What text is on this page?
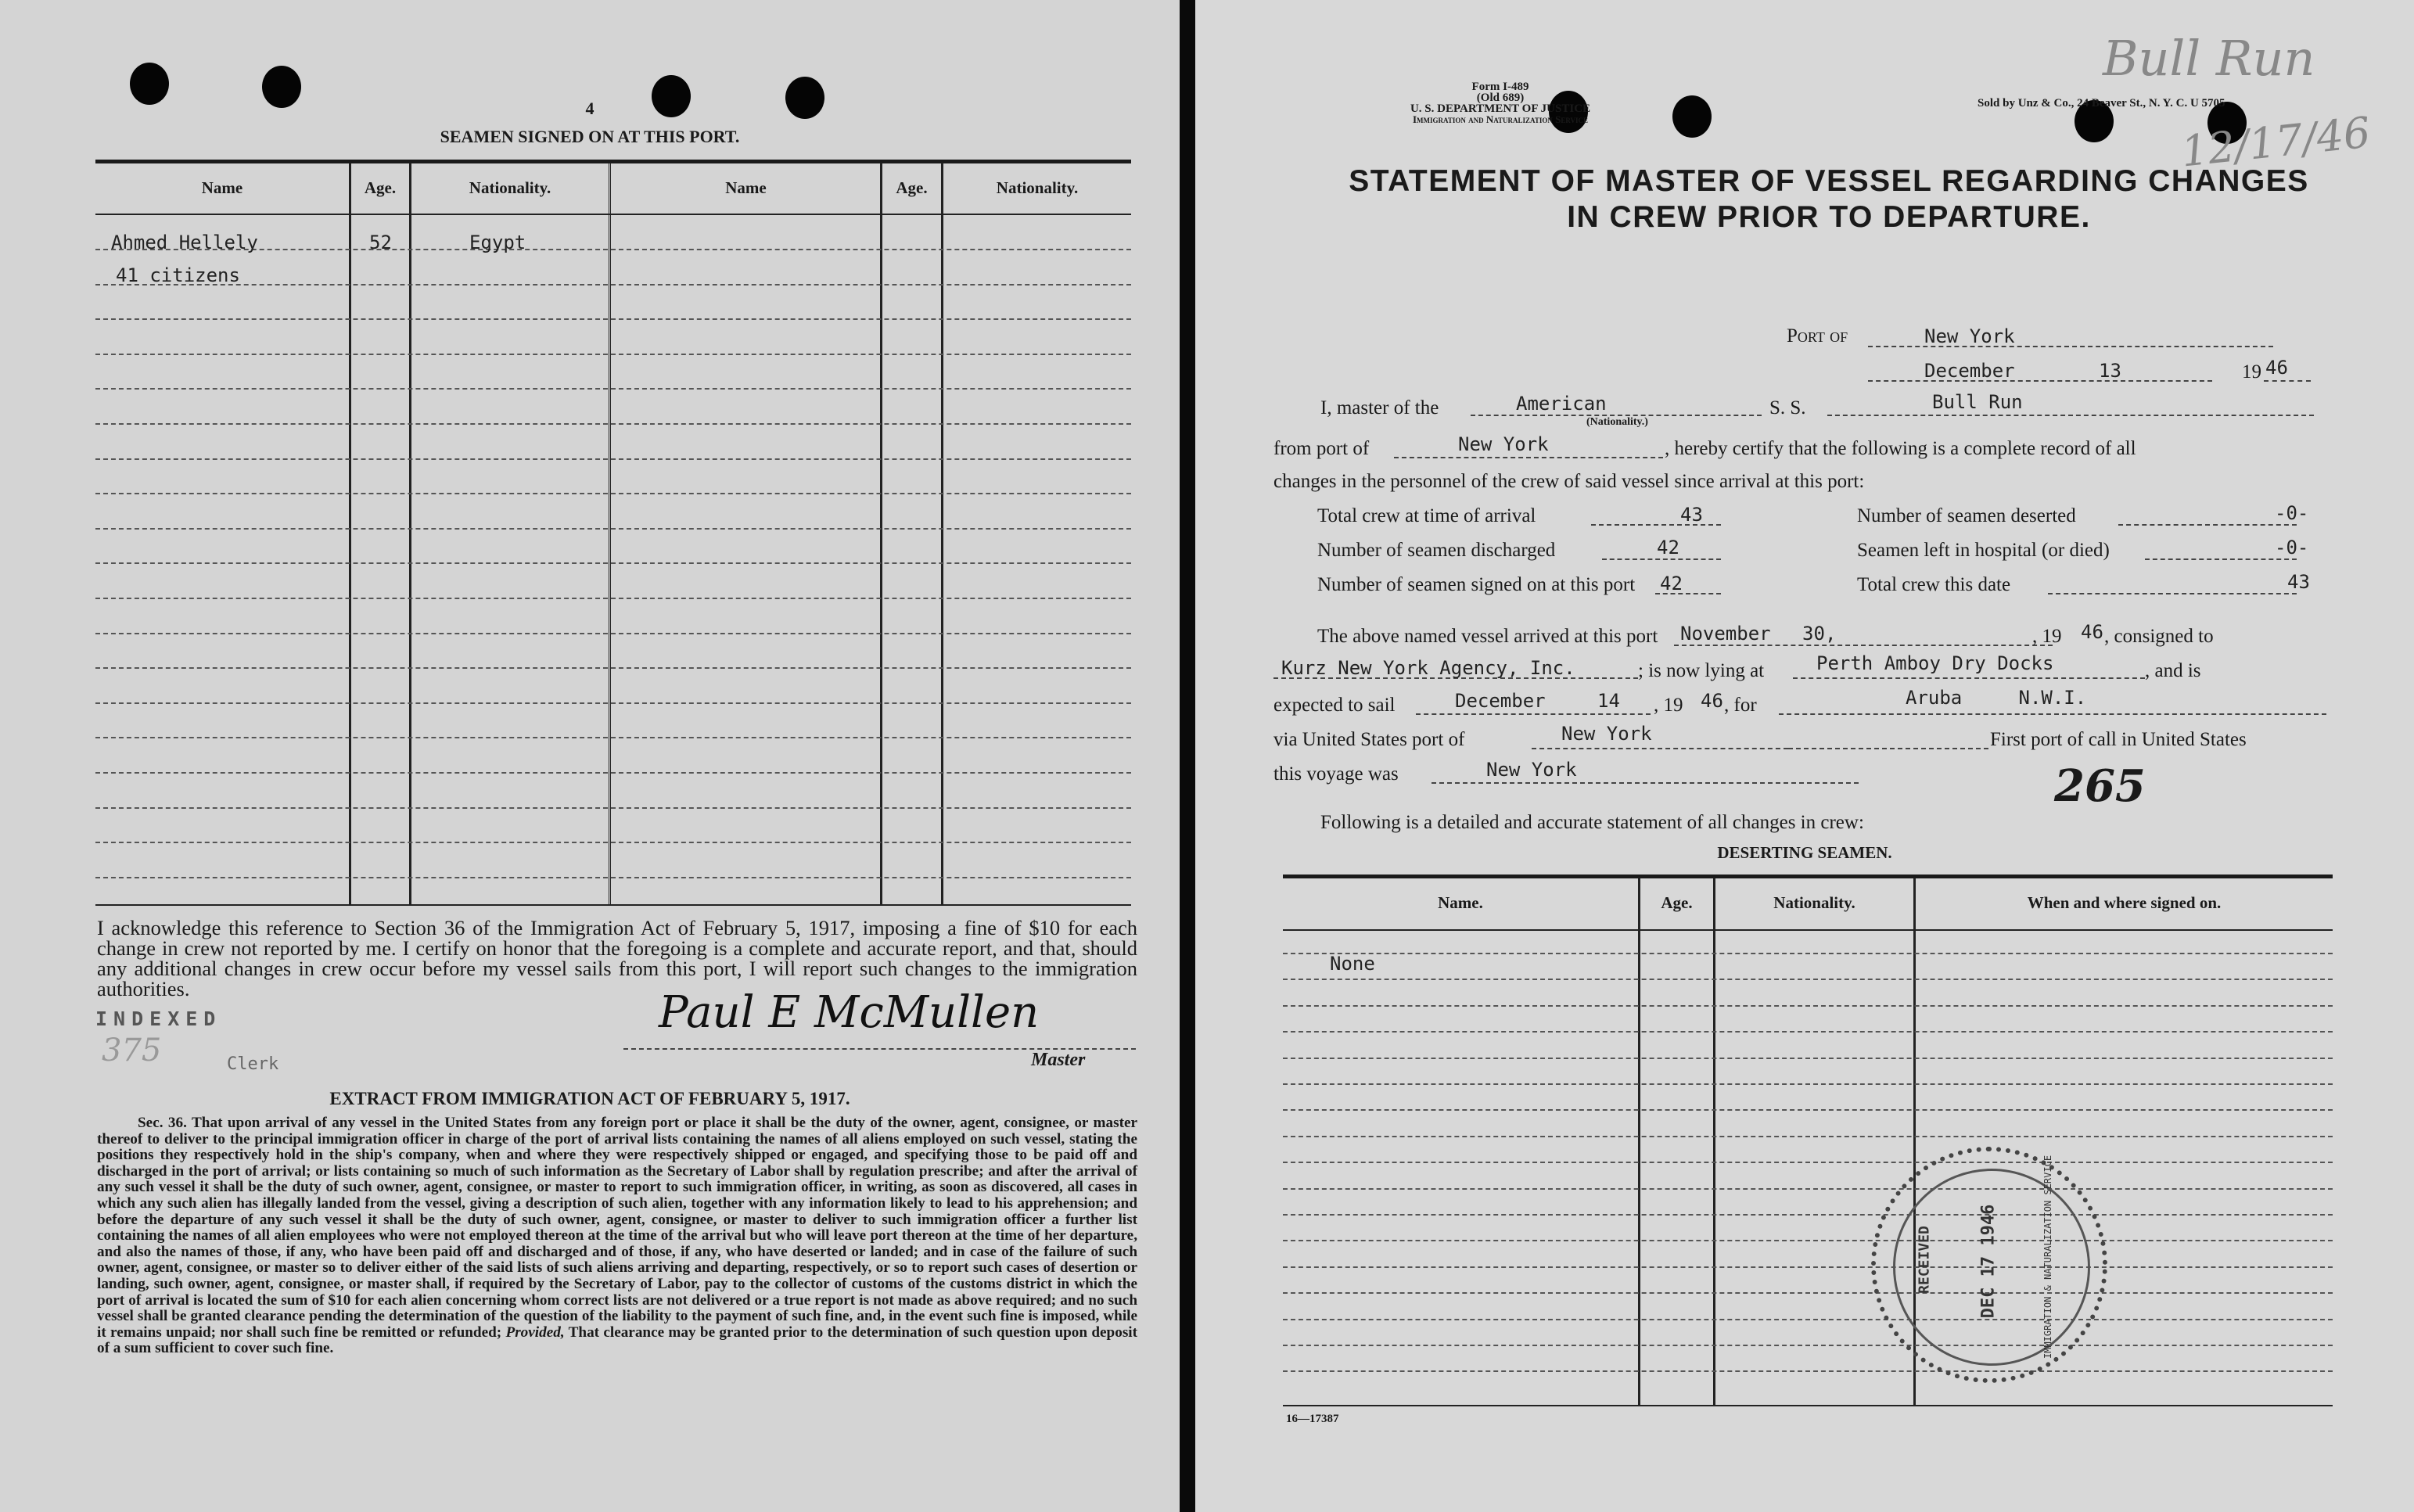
4
SEAMEN SIGNED ON AT THIS PORT.
Name	Age.	Nationality.	Name	Age.	Nationality.
Ahmed Hellely	52	Egypt
41 citizens
I acknowledge this reference to Section 36 of the Immigration Act of February 5, 1917, imposing a fine of $10 for each change in crew not reported by me. I certify on honor that the foregoing is a complete and accurate report, and that, should any additional changes in crew occur before my vessel sails from this port, I will report such changes to the immigration authorities.
INDEXED
375	Clerk
Paul E McMullen
Master
EXTRACT FROM IMMIGRATION ACT OF FEBRUARY 5, 1917.
Sec. 36. That upon arrival of any vessel in the United States from any foreign port or place it shall be the duty of the owner, agent, consignee, or master thereof to deliver to the principal immigration officer in charge of the port of arrival lists containing the names of all aliens employed on such vessel, stating the positions they respectively hold in the ship's company, when and where they were respectively shipped or engaged, and specifying those to be paid off and discharged in the port of arrival; or lists containing so much of such information as the Secretary of Labor shall by regulation prescribe; and after the arrival of any such vessel it shall be the duty of such owner, agent, consignee, or master to report to such immigration officer, in writing, as soon as discovered, all cases in which any such alien has illegally landed from the vessel, giving a description of such alien, together with any information likely to lead to his apprehension; and before the departure of any such vessel it shall be the duty of such owner, agent, consignee, or master to deliver to such immigration officer a further list containing the names of all alien employees who were not employed thereon at the time of the arrival but who will leave port thereon at the time of her departure, and also the names of those, if any, who have been paid off and discharged and of those, if any, who have deserted or landed; and in case of the failure of such owner, agent, consignee, or master so to deliver either of the said lists of such aliens arriving and departing, respectively, or so to report such cases of desertion or landing, such owner, agent, consignee, or master shall, if required by the Secretary of Labor, pay to the collector of customs of the customs district in which the port of arrival is located the sum of $10 for each alien concerning whom correct lists are not delivered or a true report is not made as above required; and no such vessel shall be granted clearance pending the determination of the question of the liability to the payment of such fine, and, in the event such fine is imposed, while it remains unpaid; nor shall such fine be remitted or refunded; Provided, That clearance may be granted prior to the determination of such question upon deposit of a sum sufficient to cover such fine.
Form I-489
(Old 689)
U. S. DEPARTMENT OF JUSTICE
Immigration and Naturalization Service
Sold by Unz & Co., 24 Beaver St., N. Y. C. U 5705
Bull Run
12/17/46
STATEMENT OF MASTER OF VESSEL REGARDING CHANGES
IN CREW PRIOR TO DEPARTURE.
Port of	New York
December	13	19 46
I, master of the	American
(Nationality.)
S. S.	Bull Run
from port of	New York	, hereby certify that the following is a complete record of all
changes in the personnel of the crew of said vessel since arrival at this port:
Total crew at time of arrival	43
Number of seamen discharged	42
Number of seamen signed on at this port 42
Number of seamen deserted	-0-
Seamen left in hospital (or died)	-0-
Total crew this date	43
The above named vessel arrived at this port November 30,	, 19 46 , consigned to
Kurz New York Agency, Inc.	; is now lying at	Perth Amboy Dry Docks	, and is
expected to sail	December 14 , 19 46 , for	Aruba     N.W.I.
via United States port of	New York	First port of call in United States
this voyage was	New York	265
Following is a detailed and accurate statement of all changes in crew:
DESERTING SEAMEN.
Name.	Age.	Nationality.	When and where signed on.
None
DEC 17 1946
RECEIVED	IMMIGRATION & NATURALIZATION SERVICE
16—17387
